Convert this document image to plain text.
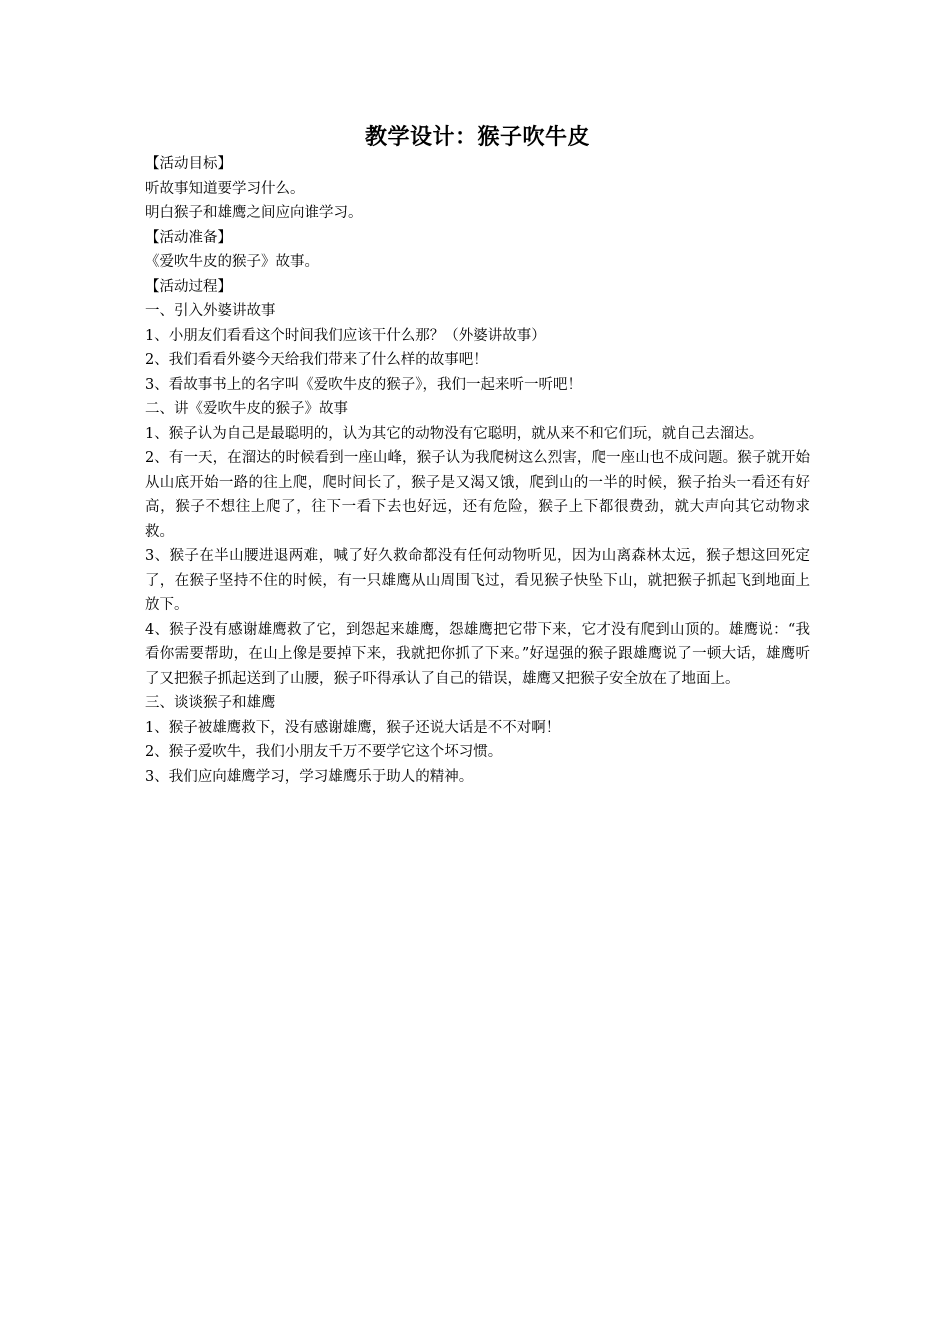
教学设计：猴子吹牛皮

【活动目标】

听故事知道要学习什么。

明白猴子和雄鹰之间应向谁学习。

【活动准备】

《爱吹牛皮的猴子》故事。

【活动过程】

一、引入外婆讲故事

1、小朋友们看看这个时间我们应该干什么那？（外婆讲故事）

2、我们看看外婆今天给我们带来了什么样的故事吧！

3、看故事书上的名字叫《爱吹牛皮的猴子》，我们一起来听一听吧！

二、讲《爱吹牛皮的猴子》故事

1、猴子认为自己是最聪明的，认为其它的动物没有它聪明，就从来不和它们玩，就自己去溜达。

2、有一天，在溜达的时候看到一座山峰，猴子认为我爬树这么烈害，爬一座山也不成问题。猴子就开始从山底开始一路的往上爬，爬时间长了，猴子是又渴又饿，爬到山的一半的时候，猴子抬头一看还有好高，猴子不想往上爬了，往下一看下去也好远，还有危险，猴子上下都很费劲，就大声向其它动物求救。

3、猴子在半山腰进退两难，喊了好久救命都没有任何动物听见，因为山离森林太远，猴子想这回死定了，在猴子坚持不住的时候，有一只雄鹰从山周围飞过，看见猴子快坠下山，就把猴子抓起飞到地面上放下。

4、猴子没有感谢雄鹰救了它，到怨起来雄鹰，怨雄鹰把它带下来，它才没有爬到山顶的。雄鹰说：“我看你需要帮助，在山上像是要掉下来，我就把你抓了下来。”好逞强的猴子跟雄鹰说了一顿大话，雄鹰听了又把猴子抓起送到了山腰，猴子吓得承认了自己的错误，雄鹰又把猴子安全放在了地面上。

三、谈谈猴子和雄鹰

1、猴子被雄鹰救下，没有感谢雄鹰，猴子还说大话是不不对啊！

2、猴子爱吹牛，我们小朋友千万不要学它这个坏习惯。

3、我们应向雄鹰学习，学习雄鹰乐于助人的精神。
